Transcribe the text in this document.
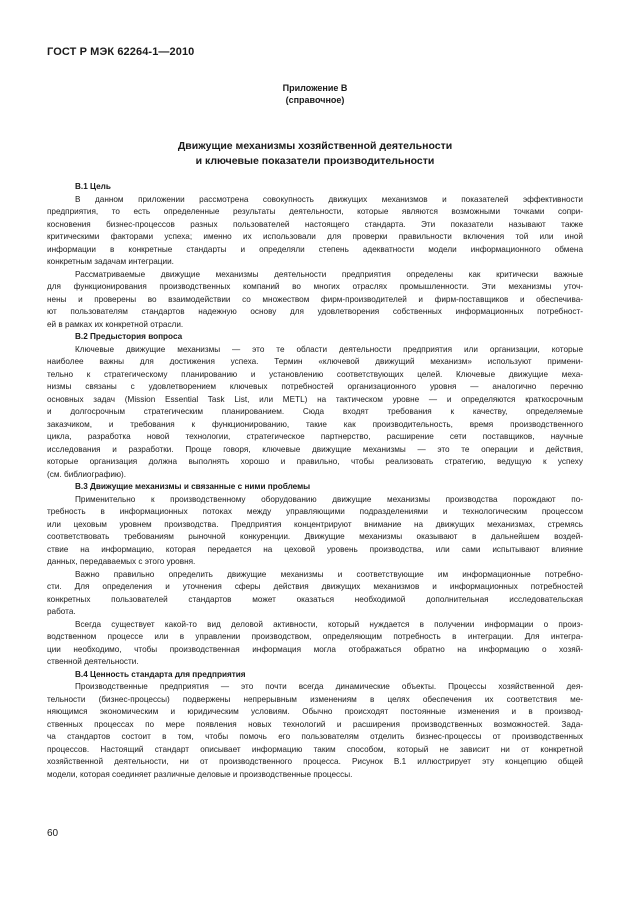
ГОСТ Р МЭК 62264-1—2010
Приложение В
(справочное)
Движущие механизмы хозяйственной деятельности
и ключевые показатели производительности

В.1 Цель

В данном приложении рассмотрена совокупность движущих механизмов и показателей эффективности

предприятия, то есть определенные результаты деятельности, которые являются возможными точками сопри-

косновения бизнес-процессов разных пользователей настоящего стандарта. Эти показатели называют также

критическими факторами успеха; именно их использовали для проверки правильности включения той или иной

информации в конкретные стандарты и определяли степень адекватности модели информационного обмена

конкретным задачам интеграции.

Рассматриваемые движущие механизмы деятельности предприятия определены как критически важные

для функционирования производственных компаний во многих отраслях промышленности. Эти механизмы уточ-

нены и проверены во взаимодействии со множеством фирм-производителей и фирм-поставщиков и обеспечива-

ют пользователям стандартов надежную основу для удовлетворения собственных информационных потребност-

ей в рамках их конкретной отрасли.

В.2 Предыстория вопроса

Ключевые движущие механизмы — это те области деятельности предприятия или организации, которые

наиболее важны для достижения успеха. Термин «ключевой движущий механизм» используют примени-

тельно к стратегическому планированию и установлению соответствующих целей. Ключевые движущие меха-

низмы связаны с удовлетворением ключевых потребностей организационного уровня — аналогично перечню

основных задач (Mission Essential Task List, или METL) на тактическом уровне — и определяются краткосрочным

и долгосрочным стратегическим планированием. Сюда входят требования к качеству, определяемые

заказчиком, и требования к функционированию, такие как производительность, время производственного

цикла, разработка новой технологии, стратегическое партнерство, расширение сети поставщиков, научные

исследования и разработки. Проще говоря, ключевые движущие механизмы — это те операции и действия,

которые организация должна выполнять хорошо и правильно, чтобы реализовать стратегию, ведущую к успеху

(см. библиографию).

В.3 Движущие механизмы и связанные с ними проблемы

Применительно к производственному оборудованию движущие механизмы производства порождают по-

требность в информационных потоках между управляющими подразделениями и технологическим процессом

или цеховым уровнем производства. Предприятия концентрируют внимание на движущих механизмах, стремясь

соответствовать требованиям рыночной конкуренции. Движущие механизмы оказывают в дальнейшем воздей-

ствие на информацию, которая передается на цеховой уровень производства, или сами испытывают влияние

данных, передаваемых с этого уровня.

Важно правильно определить движущие механизмы и соответствующие им информационные потребно-

сти. Для определения и уточнения сферы действия движущих механизмов и информационных потребностей

конкретных пользователей стандартов может оказаться необходимой дополнительная исследовательская

работа.

Всегда существует какой-то вид деловой активности, который нуждается в получении информации о произ-

водственном процессе или в управлении производством, определяющим потребность в интеграции. Для интегра-

ции необходимо, чтобы производственная информация могла отображаться обратно на информацию о хозяй-

ственной деятельности.

В.4 Ценность стандарта для предприятия

Производственные предприятия — это почти всегда динамические объекты. Процессы хозяйственной дея-

тельности (бизнес-процессы) подвержены непрерывным изменениям в целях обеспечения их соответствия ме-

няющимся экономическим и юридическим условиям. Обычно происходят постоянные изменения и в производ-

ственных процессах по мере появления новых технологий и расширения производственных возможностей. Зада-

ча стандартов состоит в том, чтобы помочь его пользователям отделить бизнес-процессы от производственных

процессов. Настоящий стандарт описывает информацию таким способом, который не зависит ни от конкретной

хозяйственной деятельности, ни от производственного процесса. Рисунок В.1 иллюстрирует эту концепцию общей

модели, которая соединяет различные деловые и производственные процессы.

60
